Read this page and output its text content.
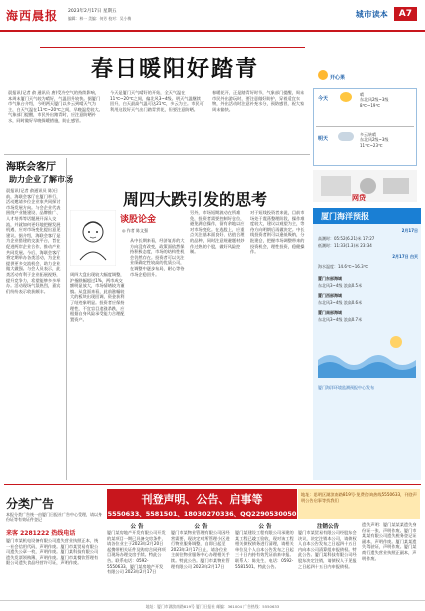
海西晨报 2023年2月17日 星期五
编辑：林一 美编：何芳 校对：吴小梅	城市读本	A7
春日暖阳好踏青
晨报讯(记者 俞 通讯员 唐)受冷空气的持续影响，本周末厦门天气较为晴好，气温回升较快。据厦门市气象台介绍，今明两天厦门以多云到晴天气为主，白天气温在11℃~20℃之间，早晚温差较大。气象部门提醒，市民外出踏青时，应注意防晒补水，同时做好早晚保暖措施，防止感冒。
今天是厦门天气晴好的开始，全天气温在11℃~20℃之间，偏北风3~4级。明天气温继续回升，白天最高气温可达21℃，多云为主。市民可利用这段好天气出门踏青赏花，但要注意防晒。
春暖花开，正是踏青好时节，气象部门提醒，周末市民外出游玩时，要注意做好防护，穿着适宜衣物，外出活动时注意补充水分，预防感冒，祝大家周末愉快。
开心果
今天
晴
东北风2级~3级
8℃~19℃
明天
多云转晴
东北风2级~3级
11℃~23℃
海联会客厅
助力企业了解市场
晨报讯(记者 俞通讯员 陈)日前，海联会客厅在厦门举行，活动邀请多位企业家共同探讨市场发展方向。与会企业代表围绕产业链建设、品牌推广、人才培养等话题展开深入交流，并就如何更好地把握发展机遇、应对市场变化提出意见建议。据介绍，海联会客厅是为企业搭建的交流平台，旨在促进两岸企业合作，推动产业共同发展。今后，海联会客厅将定期举办各类活动，为企业提供更多交流机会，助力企业做大做强。与会人员表示，此类活动有利于企业拓展视野，提升竞争力，希望能够多多举办。活动现场气氛热烈，嘉宾们纷纷表示收获颇丰。
周四大跌引发的思考
谈股论金
◎ 作者 陈文强
周四大盘出现较大幅度调整，沪指跌幅超过1%，两市成交额明显放大，市场情绪较为谨慎。从盘面来看，此前涨幅较大的板块出现回调，资金获利了结迹象明显。投资者应保持理性，不宜盲目追涨杀跌，应根据自身风险承受能力合理配置资产。
从中长期来看，经济复苏的大方向没有改变，政策面依然保持积极态度，市场的结构性机会仍然存在。投资者可以关注业绩确定性较高的优质公司，在调整中逐步布局，耐心等待市场企稳回升。
另外，市场短期波动在所难免，投资者需要控制好仓位，避免满仓操作，留有余地以应对市场变化。在选股上，应重点关注基本面良好、估值合理的品种，同时注意规避题材炒作过热的个股，做好风险控制。
对于短线投资者来说，目前市场处于震荡整理阶段，操作难度较大，建议以观望为主，等待方向明朗后再做决定。中长线投资者则可以逢低吸纳，分批建仓，把握市场调整带来的投资机会，理性投资，稳健操作。
网贷
厦门海洋预报
2月17日
高潮时：05:52(6.21)米 17:27
低潮时：11:33(1.3)米 23:34
2月17日 白天
海水温度：14.6℃~16.3℃
厦门东部海域
东北风3~4级 浪高0.5米
厦门西部海域
东北风3~4级 浪高0.6米
厦门南部海域
东北风3~4级 浪高0.7米
厦门海洋环境监测预报中心发布
分类广告
本报分类广告统一由厦门日报社广告中心受理，请以身份证等有效证件登记
来客 2281222 热线电话
厦门市某机电设备有限公司遗失营业执照正本，统一社会信用代码，声明作废。厦门市某贸易有限公司遗失公章一枚，声明作废。厦门某科技有限公司遗失发票领购簿，声明作废。厦门市某餐饮管理有限公司遗失食品经营许可证，声明作废。
刊登声明、公告、启事等
5550633、5581501、18030270336、QQ2290530050
地址：思明区湖滨南路819号·免费咨询热线5550633，刊登声明公告启事等找我们
公 告
厦门某房地产开发有限公司开发的某项目一期已具备交房条件，请各位业主于2023年2月20日起携带相关证件及购房合同到项目现场办理交房手续。特此公告。联系电话：0592-5550633。厦门某房地产开发有限公司 2023年2月17日
公 告
厦门市某物业管理有限公司因经营需要，现决定对所管理小区进行物业服务调整，自即日起至2023年3月17日止，请各位业主前往物业服务中心办理相关手续。特此公告。厦门市某物业管理有限公司 2023年2月17日
公 告
厦门某建设工程有限公司承建的某工程已竣工验收，现对该工程相关债权债务进行清理，请相关单位及个人自本公告发布之日起三十日内持有效凭证前来申报。联系人：陈先生，电话：0592-5581501。特此公告。
注销公告
厦门市某贸易有限公司经股东会决议，决定注销本公司，请债权人自本公告发布之日起四十五日内向本公司清算组申报债权。特此公告。厦门某科技有限公司经股东决定注销，请债权人于见报之日起四十五日内申报债权。
遗失声明：厦门某某某遗失身份证一张，声明作废。厦门市某某有限公司遗失税务登记证副本，声明作废。厦门某某遗失驾驶证，声明作废。厦门某商行遗失营业执照正副本，声明作废。
地址：厦门市湖滨南路819号 厦门日报社 邮编：361004 广告热线：5550633
